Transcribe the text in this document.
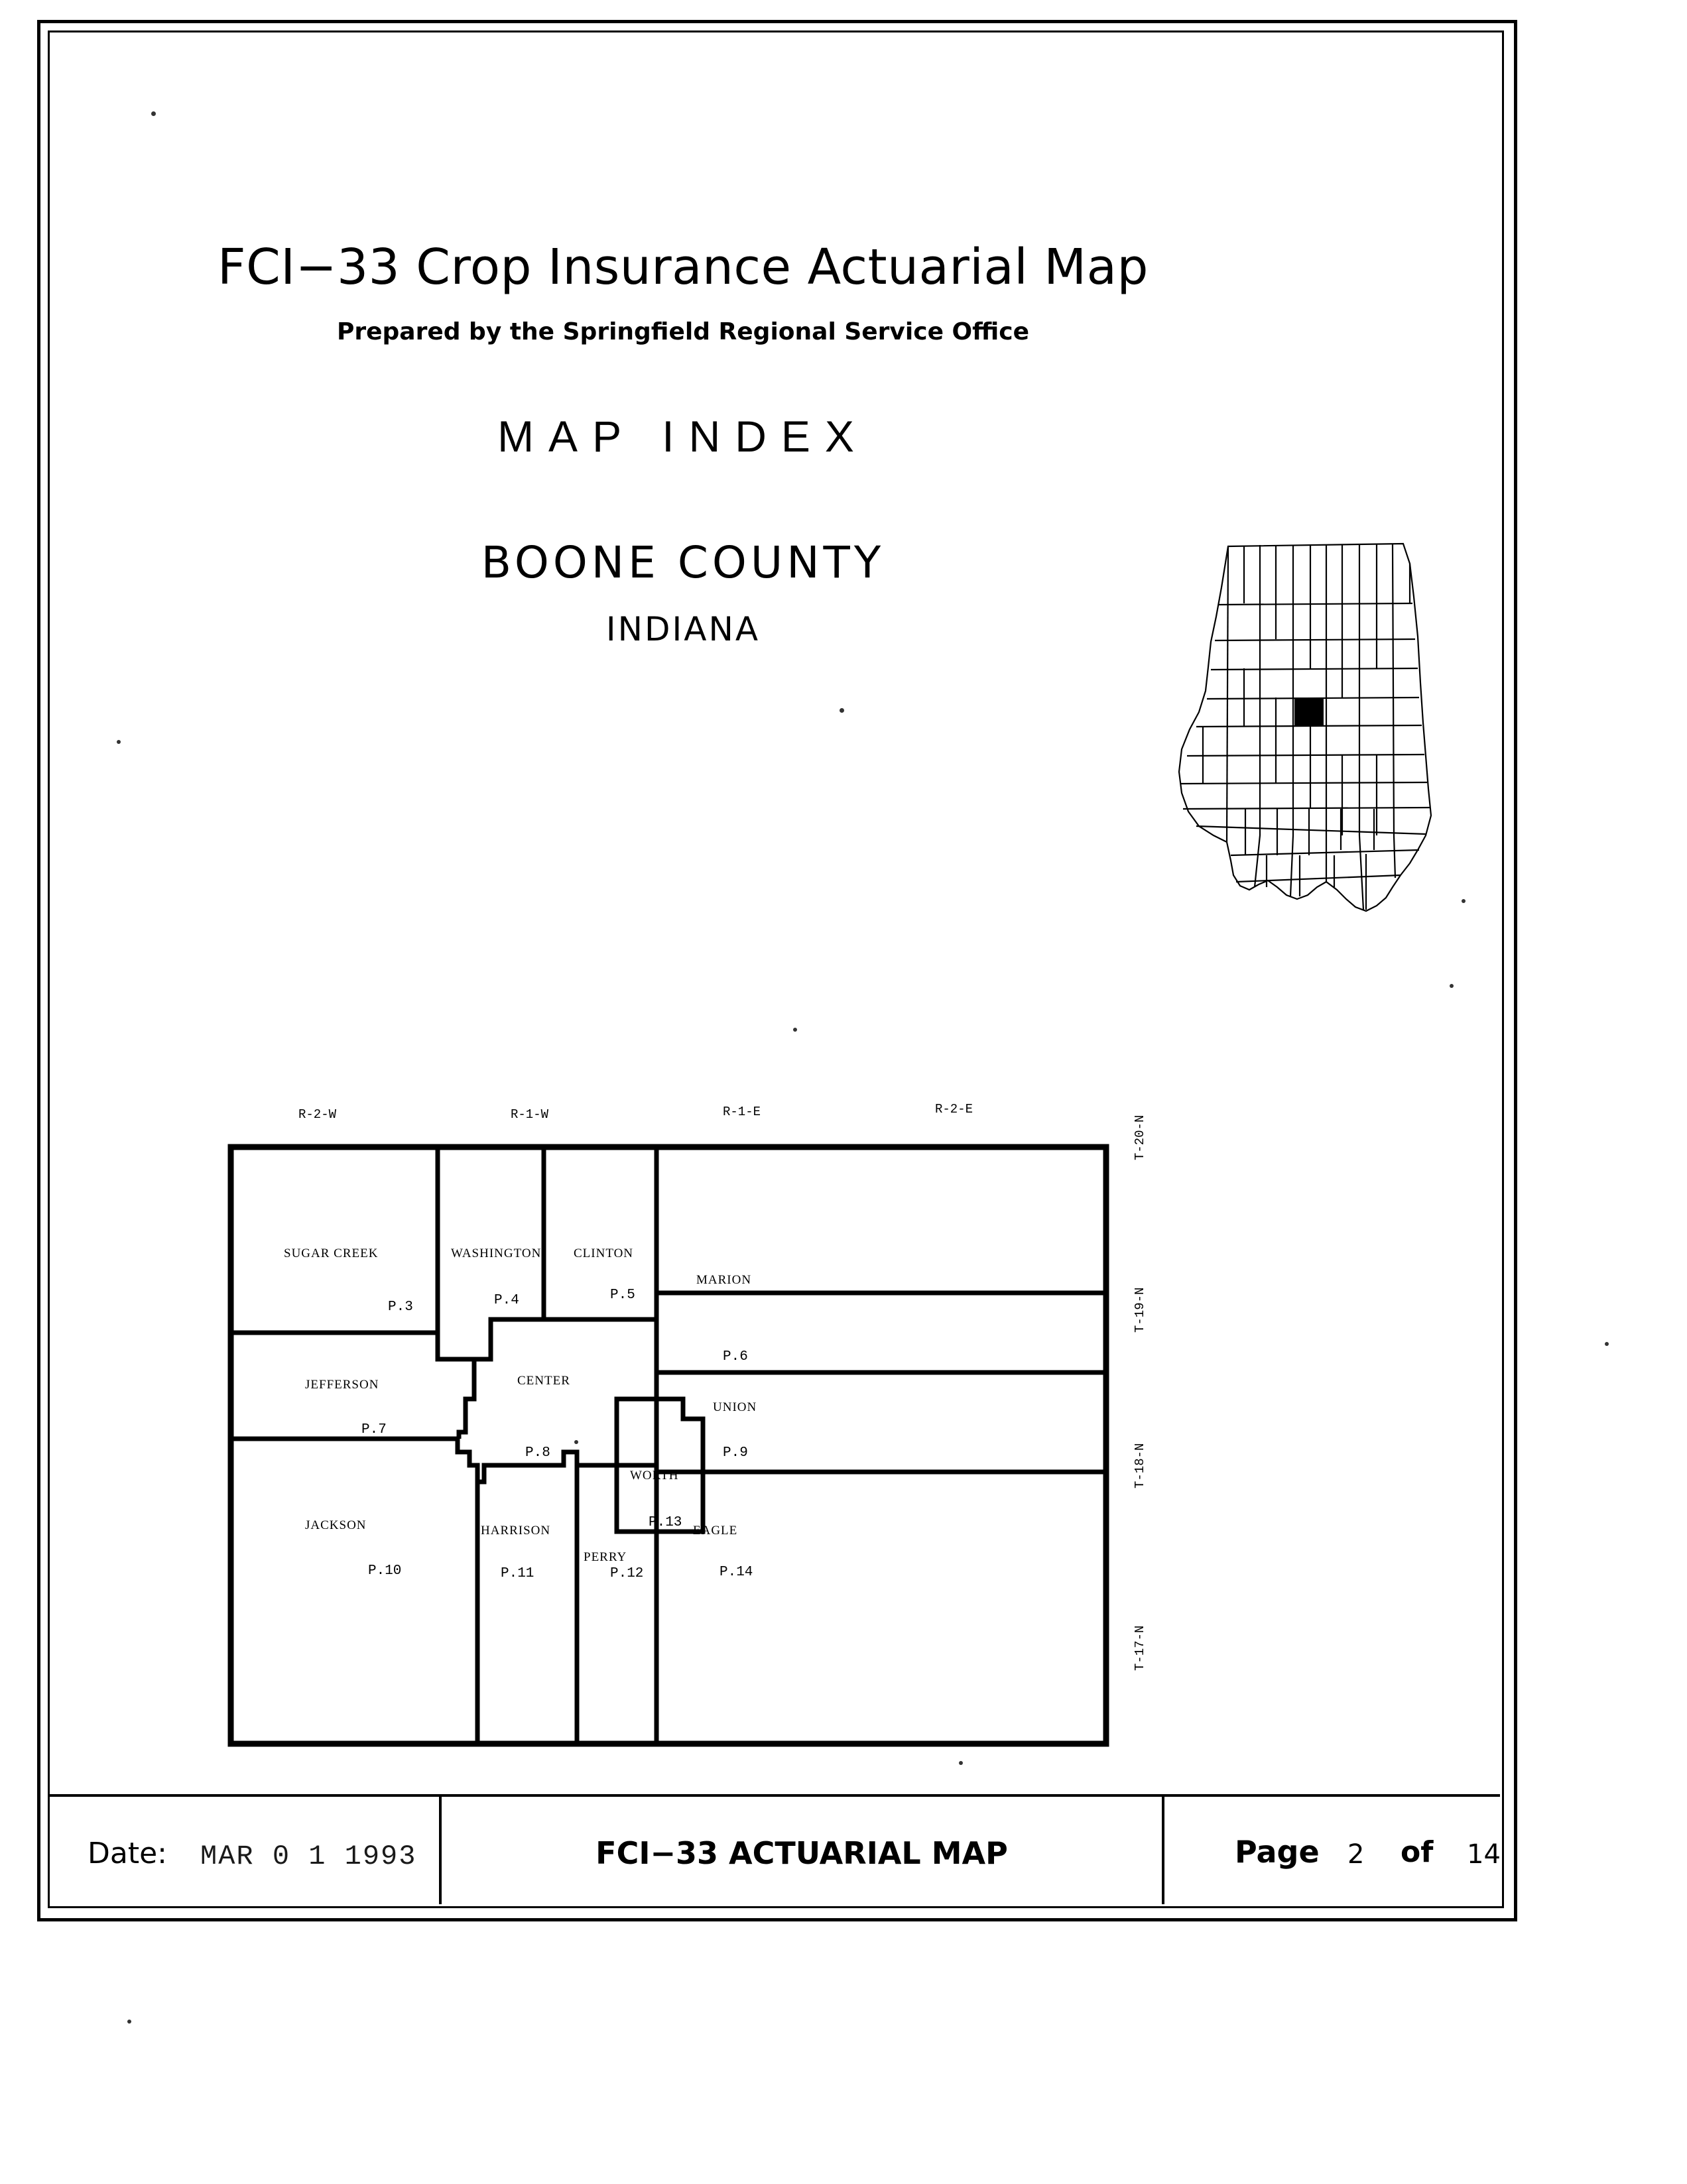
FCI−33 Crop Insurance Actuarial Map
Prepared by the Springfield Regional Service Office
MAP INDEX
BOONE COUNTY
INDIANA
R-2-W	R-1-W	R-1-E	R-2-E
T-20-N
T-19-N
T-18-N
T-17-N
SUGAR CREEK
P.3
WASHINGTON
P.4
CLINTON
P.5
MARION
P.6
JEFFERSON
P.7
CENTER
P.8
UNION
P.9
JACKSON
P.10
HARRISON
P.11
PERRY
P.12
WORTH
P.13
EAGLE
P.14
Date: MAR 0 1 1993	FCI−33 ACTUARIAL MAP	Page 2 of 14
